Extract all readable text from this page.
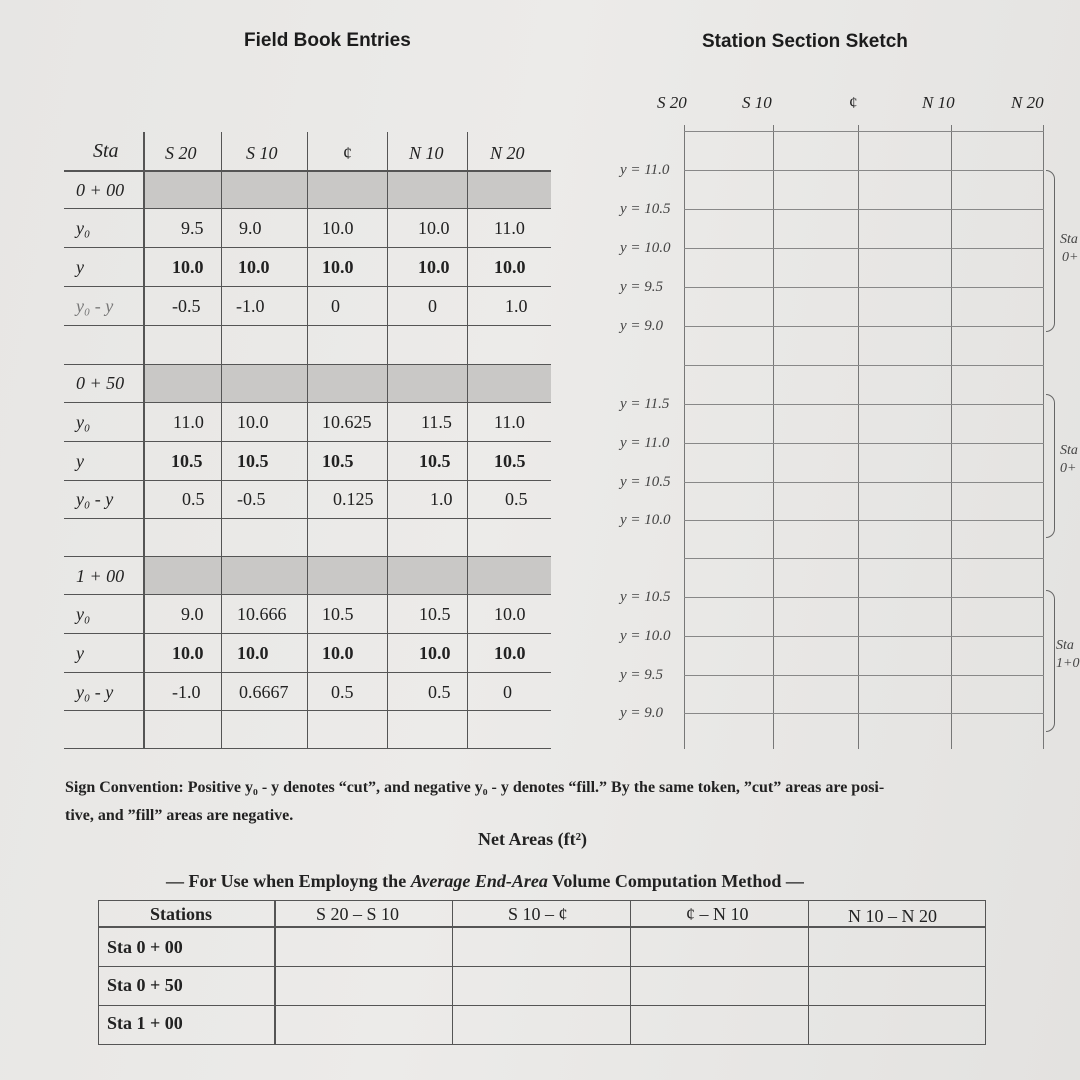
Field Book Entries	Station Section Sketch
Sta	S 20	S 10	¢	N 10	N 20
0 + 00
y₀	9.5 9.0	10.0	10.0 11.0
y	10.0 10.0	10.0	10.0 10.0
y₀ - y	-0.5 -1.0	0	0	1.0
0 + 50
y₀	11.0 10.0	10.625	11.5 11.0
y	10.5 10.5	10.5	10.5 10.5
y₀ - y	0.5 -0.5	0.125	1.0	0.5
1 + 00
y₀	9.0 10.666 10.5	10.5 10.0
y	10.0 10.0	10.0	10.0 10.0
y₀ - y	-1.0 0.6667 0.5	0.5	0
S 20	S 10	¢	N 10	N 20
y = 11.0
y = 10.5
y = 10.0
y = 9.5
y = 9.0
y = 11.5
y = 11.0
y = 10.5
y = 10.0
y = 10.5
y = 10.0
y = 9.5
y = 9.0
Sta
0+
Sta
0+
Sta
1+0
Sign Convention: Positive y₀ - y denotes “cut”, and negative y₀ - y denotes “fill.” By the same token, ”cut” areas are posi-
tive, and ”fill” areas are negative.
Net Areas (ft²)
— For Use when Employng the Average End-Area Volume Computation Method —
Stations	S 20 – S 10	S 10 – ¢	¢ – N 10	N 10 – N 20
Sta 0 + 00
Sta 0 + 50
Sta 1 + 00
